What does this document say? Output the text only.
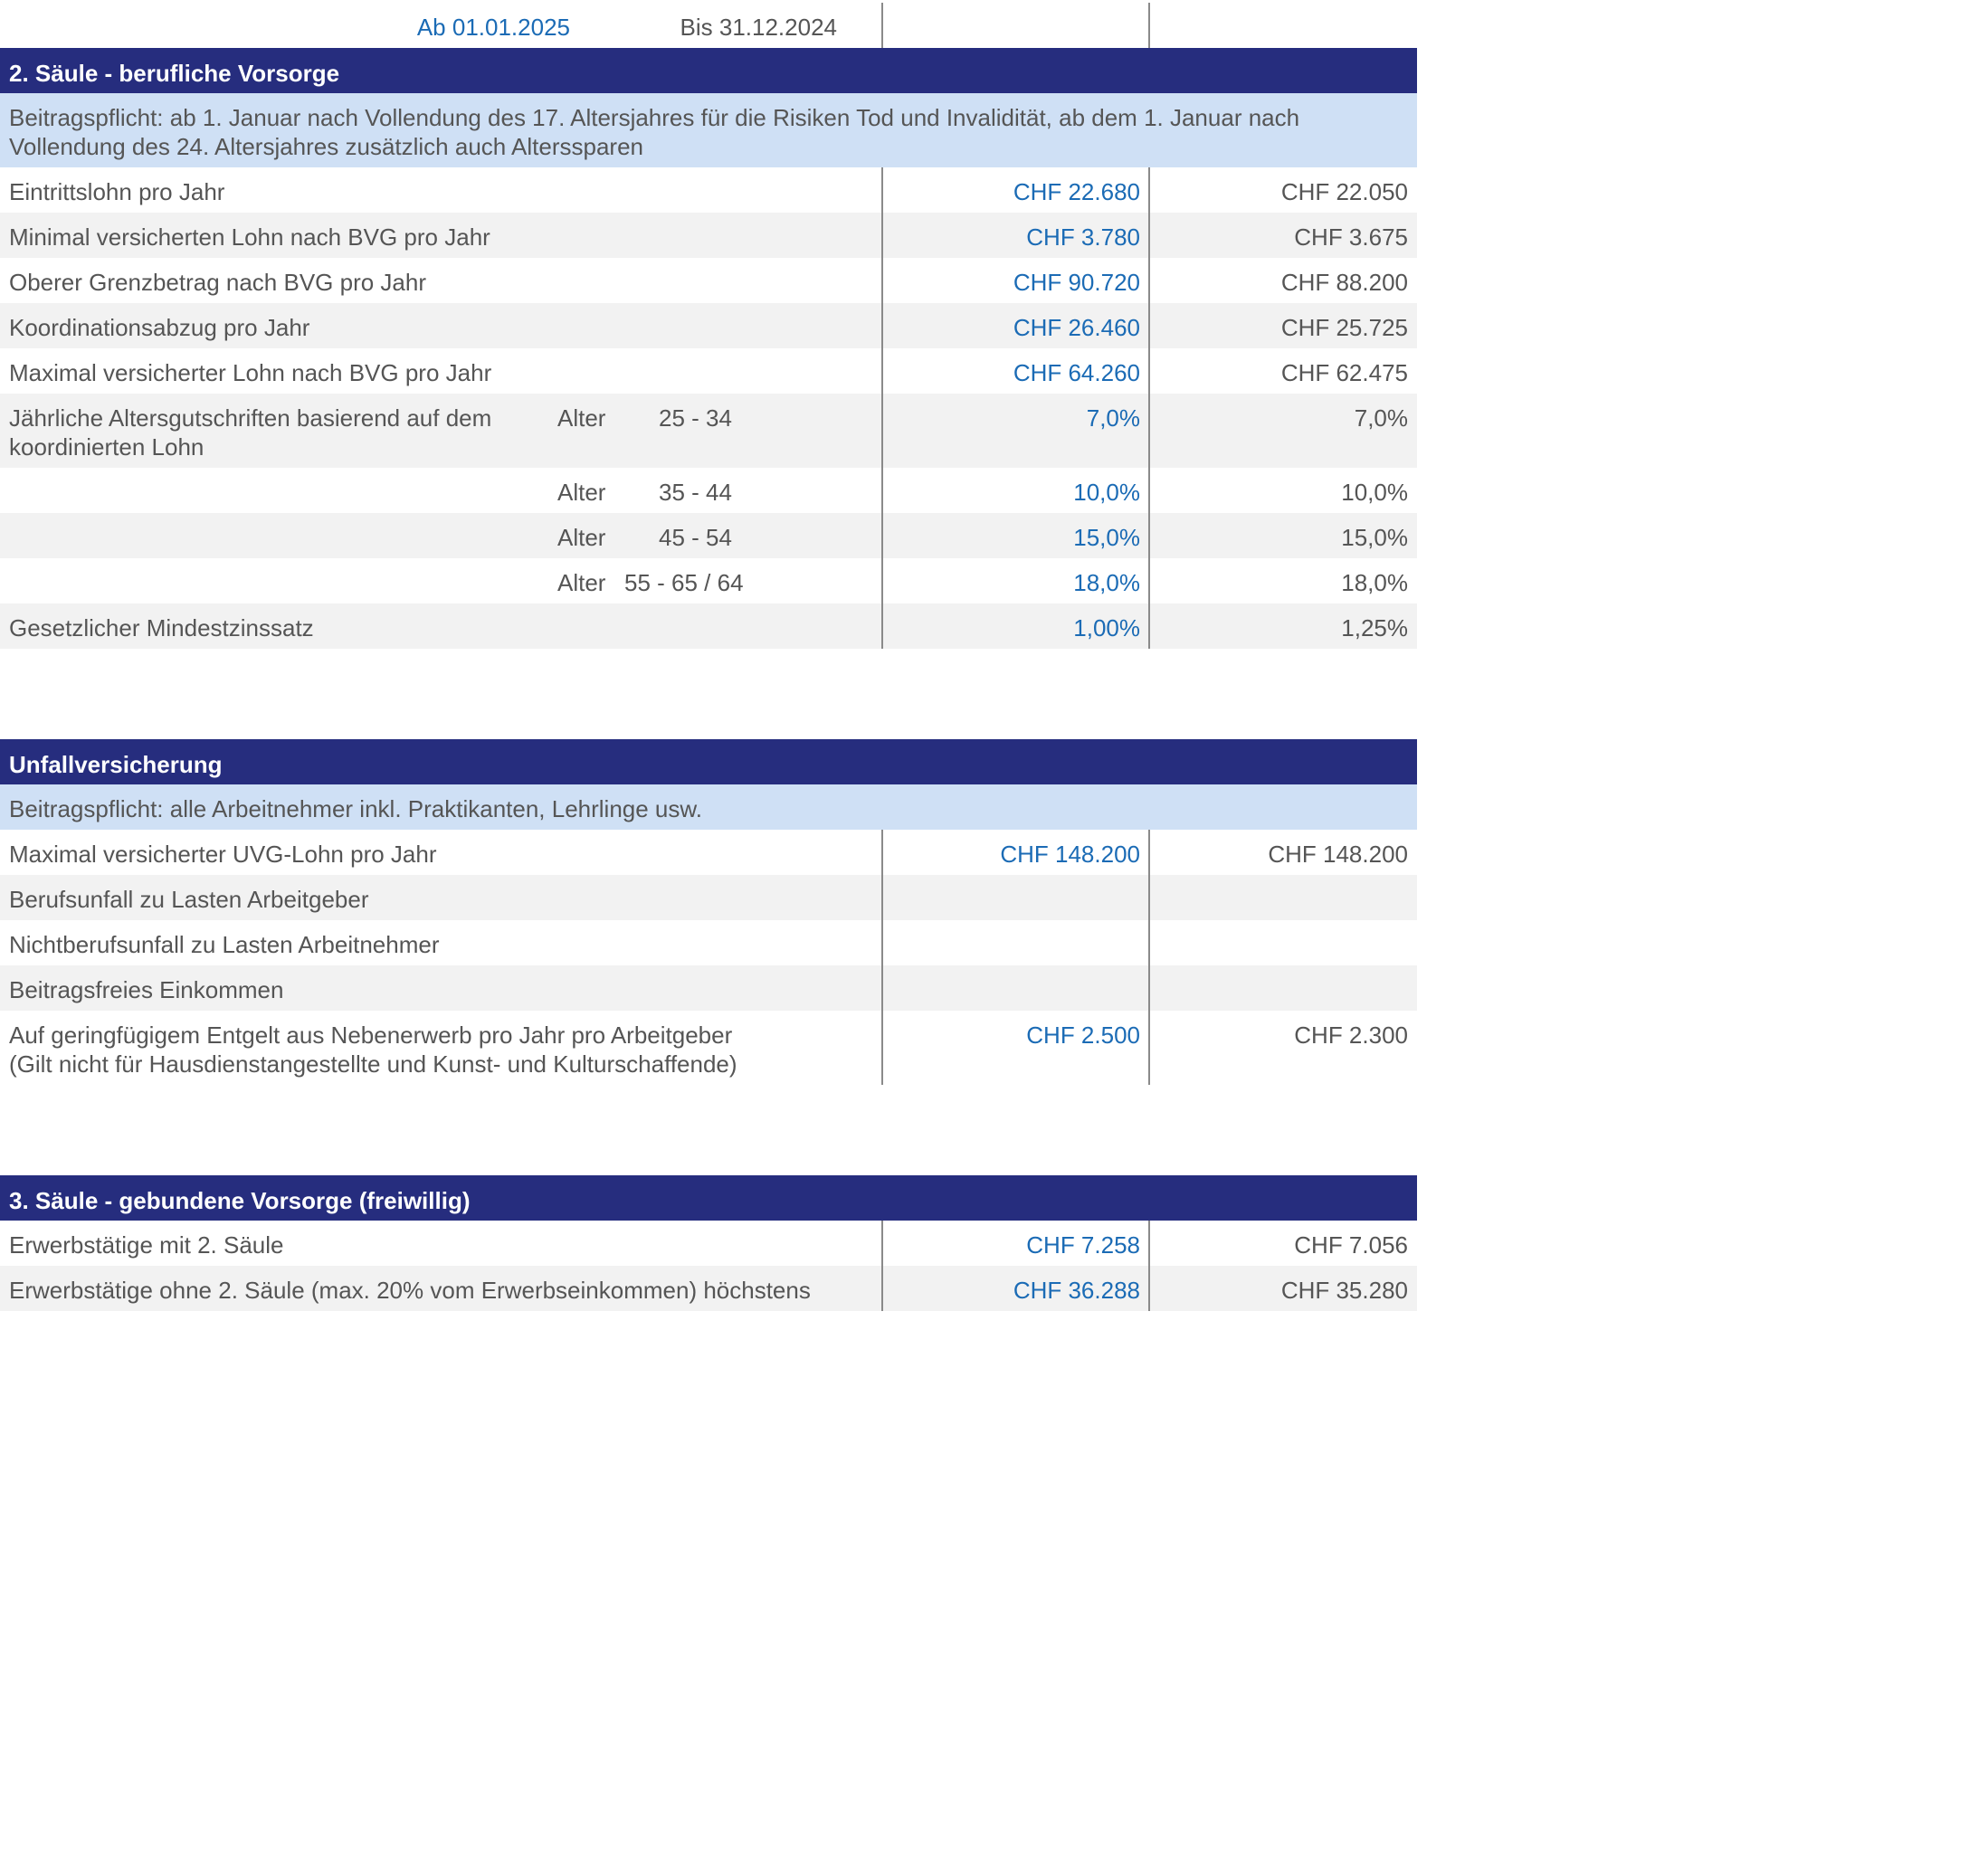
Ab 01.01.2025	Bis 31.12.2024
2. Säule - berufliche Vorsorge
Beitragspflicht: ab 1. Januar nach Vollendung des 17. Altersjahres für die Risiken Tod und Invalidität, ab dem 1. Januar nach
Vollendung des 24. Altersjahres zusätzlich auch Alterssparen
Eintrittslohn pro Jahr	CHF 22.680	CHF 22.050
Minimal versicherten Lohn nach BVG pro Jahr	CHF 3.780	CHF 3.675
Oberer Grenzbetrag nach BVG pro Jahr	CHF 90.720	CHF 88.200
Koordinationsabzug pro Jahr	CHF 26.460	CHF 25.725
Maximal versicherter Lohn nach BVG pro Jahr	CHF 64.260	CHF 62.475
Jährliche Altersgutschriften basierend auf dem
koordinierten Lohn
Alter 25 - 34	7,0%	7,0%
Alter 35 - 44	10,0%	10,0%
Alter 45 - 54	15,0%	15,0%
Alter 55 - 65 / 64	18,0%	18,0%
Gesetzlicher Mindestzinssatz	1,00%	1,25%
Unfallversicherung
Beitragspflicht: alle Arbeitnehmer inkl. Praktikanten, Lehrlinge usw.
Maximal versicherter UVG-Lohn pro Jahr	CHF 148.200	CHF 148.200
Berufsunfall zu Lasten Arbeitgeber
Nichtberufsunfall zu Lasten Arbeitnehmer
Beitragsfreies Einkommen
Auf geringfügigem Entgelt aus Nebenerwerb pro Jahr pro Arbeitgeber
(Gilt nicht für Hausdienstangestellte und Kunst- und Kulturschaffende)
CHF 2.500	CHF 2.300
3. Säule - gebundene Vorsorge (freiwillig)
Erwerbstätige mit 2. Säule	CHF 7.258	CHF 7.056
Erwerbstätige ohne 2. Säule (max. 20% vom Erwerbseinkommen) höchstens	CHF 36.288	CHF 35.280
